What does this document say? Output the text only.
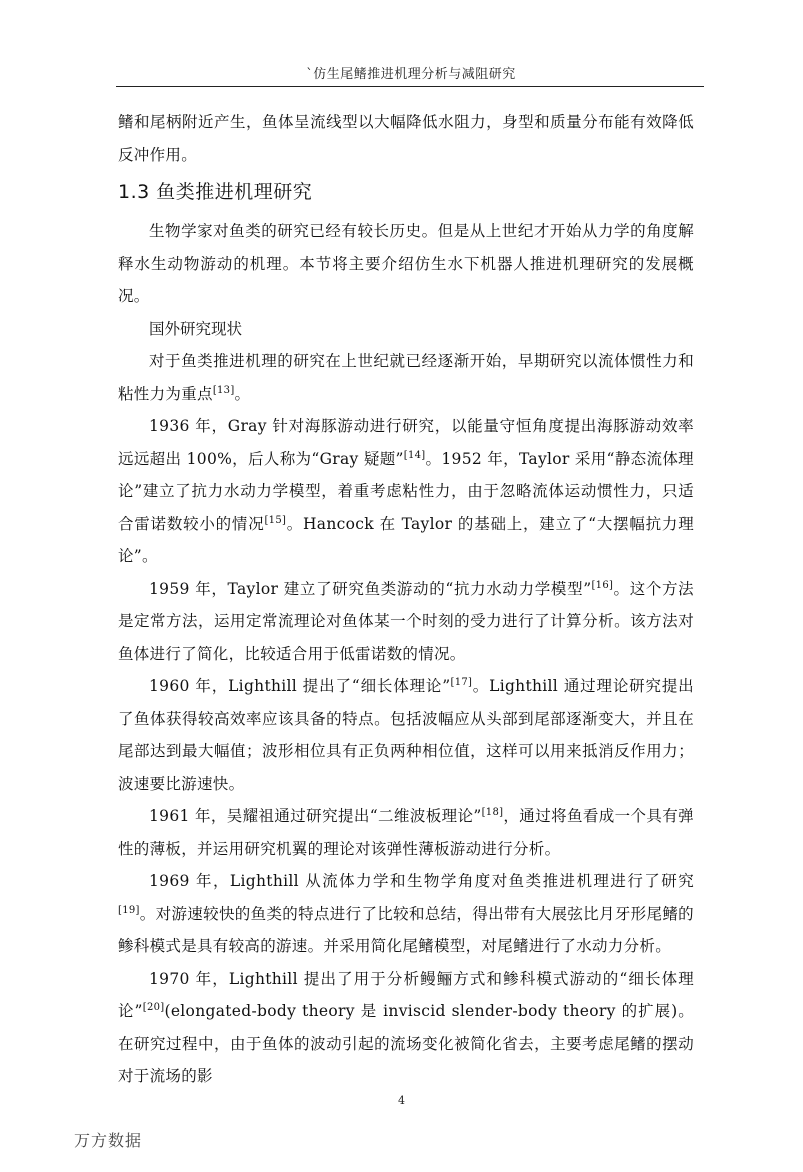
`仿生尾鳍推进机理分析与减阻研究

鳍和尾柄附近产生，鱼体呈流线型以大幅降低水阻力，身型和质量分布能有效降低反冲作用。

1.3 鱼类推进机理研究

生物学家对鱼类的研究已经有较长历史。但是从上世纪才开始从力学的角度解释水生动物游动的机理。本节将主要介绍仿生水下机器人推进机理研究的发展概况。

国外研究现状

对于鱼类推进机理的研究在上世纪就已经逐渐开始，早期研究以流体惯性力和粘性力为重点[13]。

1936 年，Gray 针对海豚游动进行研究，以能量守恒角度提出海豚游动效率远远超出 100%，后人称为“Gray 疑题”[14]。1952 年，Taylor 采用“静态流体理论”建立了抗力水动力学模型，着重考虑粘性力，由于忽略流体运动惯性力，只适合雷诺数较小的情况[15]。Hancock 在 Taylor 的基础上，建立了“大摆幅抗力理论”。

1959 年，Taylor 建立了研究鱼类游动的“抗力水动力学模型”[16]。这个方法是定常方法，运用定常流理论对鱼体某一个时刻的受力进行了计算分析。该方法对鱼体进行了简化，比较适合用于低雷诺数的情况。

1960 年，Lighthill 提出了“细长体理论”[17]。Lighthill 通过理论研究提出了鱼体获得较高效率应该具备的特点。包括波幅应从头部到尾部逐渐变大，并且在尾部达到最大幅值；波形相位具有正负两种相位值，这样可以用来抵消反作用力；波速要比游速快。

1961 年，吴耀祖通过研究提出“二维波板理论”[18]，通过将鱼看成一个具有弹性的薄板，并运用研究机翼的理论对该弹性薄板游动进行分析。

1969 年，Lighthill 从流体力学和生物学角度对鱼类推进机理进行了研究[19]。对游速较快的鱼类的特点进行了比较和总结，得出带有大展弦比月牙形尾鳍的鲹科模式是具有较高的游速。并采用简化尾鳍模型，对尾鳍进行了水动力分析。

1970 年，Lighthill 提出了用于分析鳗鲡方式和鲹科模式游动的“细长体理论”[20](elongated-body theory 是 inviscid slender-body theory 的扩展)。在研究过程中，由于鱼体的波动引起的流场变化被简化省去，主要考虑尾鳍的摆动对于流场的影

4
万方数据
